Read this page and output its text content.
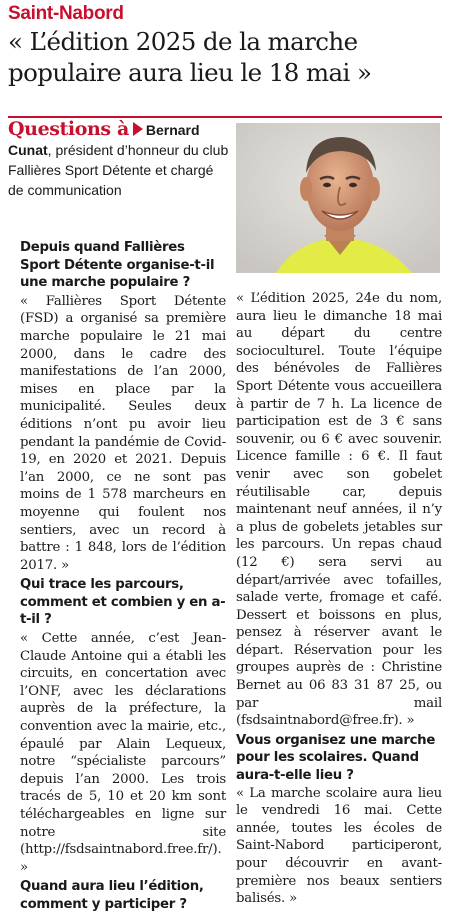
Saint-Nabord
« L’édition 2025 de la marche populaire aura lieu le 18 mai »
Questions à Bernard Cunat, président d’honneur du club Fallières Sport Détente et chargé de communication

Depuis quand Fallières Sport Détente organise-t-il une marche populaire ?

« Fallières Sport Détente (FSD) a organisé sa première marche populaire le 21 mai 2000, dans le cadre des manifestations de l’an 2000, mises en place par la municipalité. Seules deux éditions n’ont pu avoir lieu pendant la pandémie de Covid-19, en 2020 et 2021. Depuis l’an 2000, ce ne sont pas moins de 1 578 marcheurs en moyenne qui foulent nos sentiers, avec un record à battre : 1 848, lors de l’édition 2017. »

Qui trace les parcours, comment et combien y en a-t-il ?

« Cette année, c’est Jean-Claude Antoine qui a établi les circuits, en concertation avec l’ONF, avec les déclarations auprès de la préfecture, la convention avec la mairie, etc., épaulé par Alain Lequeux, notre “spécialiste parcours” depuis l’an 2000. Les trois tracés de 5, 10 et 20 km sont téléchargeables en ligne sur notre site (http://fsdsaintnabord.free.fr/). »

Quand aura lieu l’édition, comment y participer ?

« L’édition 2025, 24e du nom, aura lieu le dimanche 18 mai au départ du centre socioculturel. Toute l’équipe des bénévoles de Fallières Sport Détente vous accueillera à partir de 7 h. La licence de participation est de 3 € sans souvenir, ou 6 € avec souvenir. Licence famille : 6 €. Il faut venir avec son gobelet réutilisable car, depuis maintenant neuf années, il n’y a plus de gobelets jetables sur les parcours. Un repas chaud (12 €) sera servi au départ/arrivée avec tofailles, salade verte, fromage et café. Dessert et boissons en plus, pensez à réserver avant le départ. Réservation pour les groupes auprès de : Christine Bernet au 06 83 31 87 25, ou par mail (fsdsaintnabord@free.fr). »

Vous organisez une marche pour les scolaires. Quand aura-t-elle lieu ?

« La marche scolaire aura lieu le vendredi 16 mai. Cette année, toutes les écoles de Saint-Nabord participeront, pour découvrir en avant-première nos beaux sentiers balisés. »
